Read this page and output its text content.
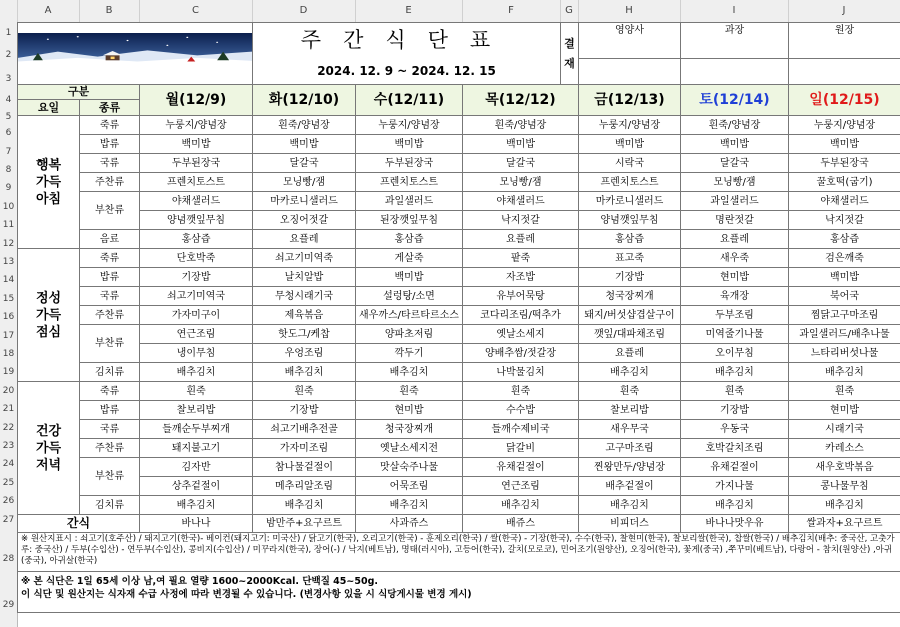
A	B	C	D	E	F	G	H	I	J
1
2
3
4
5
6
7
8
9
10
11
12
13
14
15
16
17
18
19
20
21
22
23
24
25
26
27
28
29
	주간식단표			결
재	영양사	과장	원장
			2024. 12. 9 ~ 2024. 12. 15						

구분
요일 종류		월(12/9)	화(12/10)	수(12/11)	목(12/12)		금(12/13)	토(12/14)	일(12/15)
행복
가득
아침	죽류	누룽지/양념장	흰죽/양념장	누룽지/양념장	흰죽/양념장		누룽지/양념장	흰죽/양념장	누룽지/양념장
	밥류	백미밥	백미밥	백미밥	백미밥		백미밥	백미밥	백미밥
	국류	두부된장국	달갈국	두부된장국	달갈국		시락국	달갈국	두부된장국
	주찬류	프렌치토스트	모닝빵/잼	프렌치토스트	모닝빵/잼		프렌치토스트	모닝빵/잼	꿀호떡(굽기)
	부찬류	야채샐러드	마카로니샐러드	과일샐러드	야채샐러드		마카로니샐러드	과일샐러드	야채샐러드
		양념깻잎무침	오징어젓갈	된장깻잎무침	낙지젓갈		양념깻잎무침	명란젓갈	낙지젓갈
	음료	홍삼즙	요플레	홍삼즙	요플레		홍삼즙	요플레	홍삼즙
정성
가득
점심	죽류	단호박죽	쇠고기미역죽	게살죽	팥죽		표고죽	새우죽	검은깨죽
	밥류	기장밥	날치알밥	백미밥	자조밥		기장밥	현미밥	백미밥
	국류	쇠고기미역국	무청시래기국	설렁탕/소면	유부어묵탕		청국장찌개	육개장	북어국
	주찬류	가자미구이	제육볶음	새우까스/타르타르소스	코다리조림/떡추가		돼지/버섯샵겹살구이	두부조림	찜닭고구마조림
	부찬류	연근조림	핫도그/케찹	양파초저림	옛날소세지		깻잎/대파채조림	미역줄기나물	과일샐러드/배추나물
		냉이무침	우엉조림	깍두기	양배추쌈/젓갈장		요플레	오이무침	느타리버섯나물
	김치류	배추김치	배추김치	배추김치	나박물김치		배추김치	배추김치	배추김치
건강
가득
저녁	죽류	흰죽	흰죽	흰죽	흰죽		흰죽	흰죽	흰죽
	밥류	찰보리밥	기장밥	현미밥	수수밥		찰보리밥	기장밥	현미밥
	국류	들깨순두부찌개	쇠고기배추전골	청국장찌개	들깨수제비국		새우무국	우동국	시래기국
	주찬류	돼지불고기	가자미조림	옛날소세지전	닭갈비		고구마조림	호박갈치조림	카레소스
	부찬류	김자반	참나물겉절이	맛살숙주나물	유채겉절이		찐왕만두/양념장	유채겉절이	새우호박볶음
		상추겉절이	메추리알조림	어묵조림	연근조림		배추겉절이	가지나물	콩나물무침
	김치류	배추김치	배추김치	배추김치	배추김치		배추김치	배추김치	배추김치
간식		바나나	밤만주+요구르트	사과쥬스	배쥬스		비피더스	바나나맛우유	쌀과자+요구르트
※ 원산지표시 : 쇠고기(호주산) / 돼지고기(한국)- 베이컨(돼지고기: 미국산) / 닭고기(한국), 오리고기(한국) - 훈제오리(한국) / 쌀(한국) - 기장(한국), 수수(한국), 찰현미(한국), 찰보리쌀(한국), 찹쌀(한국) / 배추김치(배추: 중국산, 고춧가루: 중국산) / 두부(수입산) - 연두부(수입산), 콩비지(수입산) / 미꾸라지(한국), 장어(-) / 낙지(베트남), 명태(러시아), 고등어(한국), 갈치(모로코), 민어조기(원양산), 오징어(한국), 꽃게(중국) ,쭈꾸미(베트남), 다랑어 - 참치(원양산) ,아귀(중국), 아귀살(한국)									
※ 본 식단은 1일 65세 이상 남,여 필요 열량 1600~2000Kcal. 단백질 45~50g.
이 식단 및 원산지는 식자재 수급 사정에 따라 변경될 수 있습니다. (변경사항 있을 시 식당게시물 변경 게시)									
